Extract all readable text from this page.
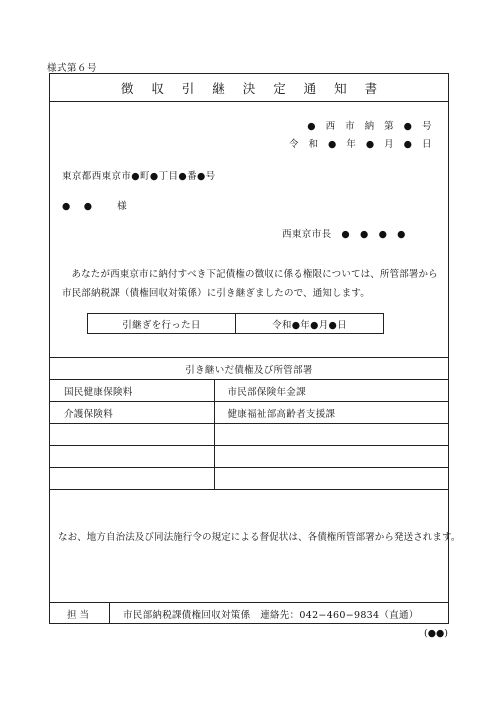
様式第６号
徴 収 引 継 決 定 通 知 書
● 西 市 納 第 ● 号
令 和 ● 年 ● 月 ● 日
東京都西東京市●町●丁目●番●号
●　●　　様
西東京市長　●　●　●　●

あなたが西東京市に納付すべき下記債権の徴収に係る権限については、所管部署から市民部納税課（債権回収対策係）に引き継ぎましたので、通知します。

引継ぎを行った日	令和●年●月●日
引き継いだ債権及び所管部署	
国民健康保険料	市民部保険年金課
介護保険料	健康福祉部高齢者支援課

なお、地方自治法及び同法施行令の規定による督促状は、各債権所管部署から発送されます。
担当	市民部納税課債権回収対策係　連絡先：042−460−9834（直通）
(●●)
